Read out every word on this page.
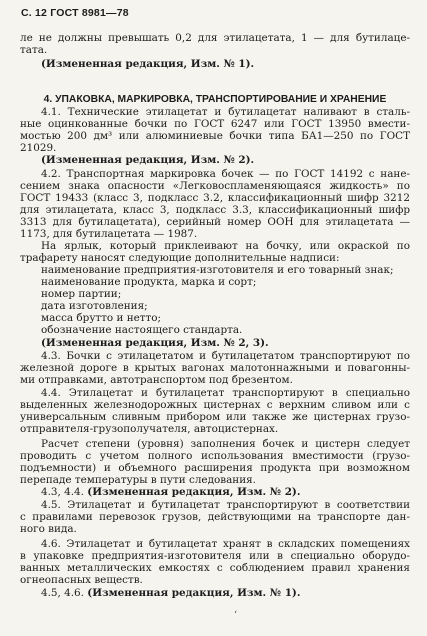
С. 12 ГОСТ 8981—78
ле не должны превышать 0,2 для этилацетата, 1 — для бутилаце-
тата.
(Измененная редакция, Изм. № 1).
4. УПАКОВКА, МАРКИРОВКА, ТРАНСПОРТИРОВАНИЕ И ХРАНЕНИЕ
4.1. Технические этилацетат и бутилацетат наливают в сталь-
ные оцинкованные бочки по ГОСТ 6247 или ГОСТ 13950 вмести-
мостью 200 дм³ или алюминиевые бочки типа БА1—250 по ГОСТ
21029.
(Измененная редакция, Изм. № 2).
4.2. Транспортная маркировка бочек — по ГОСТ 14192 с нане-
сением знака опасности «Легковоспламеняющаяся жидкость» по
ГОСТ 19433 (класс 3, подкласс 3.2, классификационный шифр 3212
для этилацетата, класс 3, подкласс 3.3, классификационный шифр
3313 для бутилацетата), серийный номер ООН для этилацетата —
1173, для бутилацетата — 1987.
На ярлык, который приклеивают на бочку, или окраской по
трафарету наносят следующие дополнительные надписи:
наименование предприятия-изготовителя и его товарный знак;
наименование продукта, марка и сорт;
номер партии;
дата изготовления;
масса брутто и нетто;
обозначение настоящего стандарта.
(Измененная редакция, Изм. № 2, 3).
4.3. Бочки с этилацетатом и бутилацетатом транспортируют по
железной дороге в крытых вагонах малотоннажными и повагонны-
ми отправками, автотранспортом под брезентом.
4.4. Этилацетат и бутилацетат транспортируют в специально
выделенных железнодорожных цистернах с верхним сливом или с
универсальным сливным прибором или также же цистернах грузо-
отправителя-грузополучателя, автоцистернах.
Расчет степени (уровня) заполнения бочек и цистерн следует
проводить с учетом полного использования вместимости (грузо-
подъемности) и объемного расширения продукта при возможном
перепаде температуры в пути следования.
4.3, 4.4. (Измененная редакция, Изм. № 2).
4.5. Этилацетат и бутилацетат транспортируют в соответствии
с правилами перевозок грузов, действующими на транспорте дан-
ного вида.
4.6. Этилацетат и бутилацетат хранят в складских помещениях
в упаковке предприятия-изготовителя или в специально оборудо-
ванных металлических емкостях с соблюдением правил хранения
огнеопасных веществ.
4.5, 4.6. (Измененная редакция, Изм. № 1).
‘
